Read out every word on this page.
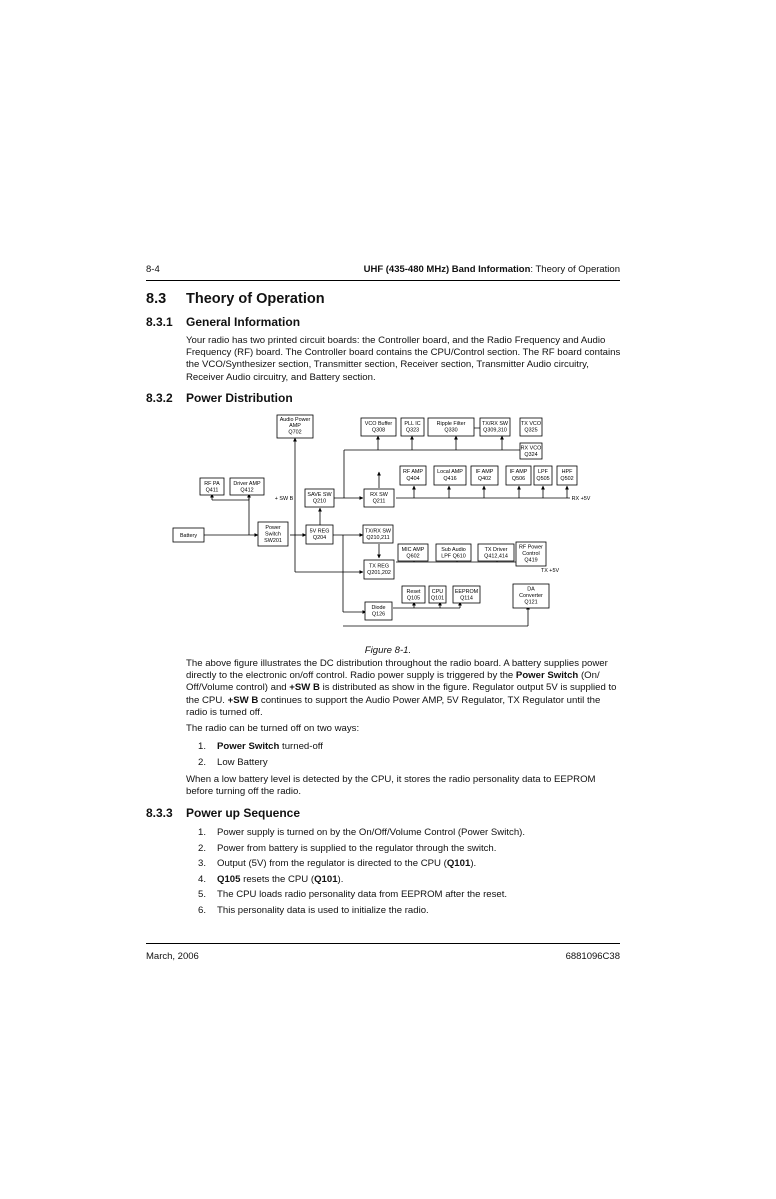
8-4	UHF (435-480 MHz) Band Information: Theory of Operation
8.3 Theory of Operation
8.3.1 General Information

Your radio has two printed circuit boards: the Controller board, and the Radio Frequency and Audio Frequency (RF) board. The Controller board contains the CPU/Control section. The RF board contains the VCO/Synthesizer section, Transmitter section, Receiver section, Transmitter Audio circuitry, Receiver Audio circuitry, and Battery section.

8.3.2 Power Distribution
Audio Power
AMP
Q702
VCO Buffer
Q308
PLL IC
Q323
Ripple Filter
Q330
TX/RX SW
Q309,310
TX VCO
Q325
RX VCO
Q324
RF AMP
Q404
Local AMP
Q416
IF AMP
Q402
IF AMP
Q506
LPF
Q505
HPF
Q502
RF PA
Q411
Driver AMP
Q412
SAVE SW
Q210
RX SW
Q211
Battery
Power
Switch
SW201
5V REG
Q204
TX/RX SW
Q210,211
MIC AMP
Q602
Sub Audio
LPF Q610
TX Driver
Q412,414
RF Power
Control
Q419
TX REG
Q201,202
Reset
Q105
CPU
Q101
EEPROM
Q114
DA
Converter
Q121
Diode
Q126
+ SW B	RX +5V
TX +5V
Figure 8-1.

The above figure illustrates the DC distribution throughout the radio board. A battery supplies power directly to the electronic on/off control. Radio power supply is triggered by the Power Switch (On/ Off/Volume control) and +SW B is distributed as show in the figure. Regulator output 5V is supplied to the CPU. +SW B continues to support the Audio Power AMP, 5V Regulator, TX Regulator until the radio is turned off.

The radio can be turned off on two ways:

1. Power Switch turned-off
2. Low Battery

When a low battery level is detected by the CPU, it stores the radio personality data to EEPROM before turning off the radio.

8.3.3 Power up Sequence
1. Power supply is turned on by the On/Off/Volume Control (Power Switch).
2. Power from battery is supplied to the regulator through the switch.
3. Output (5V) from the regulator is directed to the CPU (Q101).
4. Q105 resets the CPU (Q101).
5. The CPU loads radio personality data from EEPROM after the reset.
6. This personality data is used to initialize the radio.
March, 2006	6881096C38
